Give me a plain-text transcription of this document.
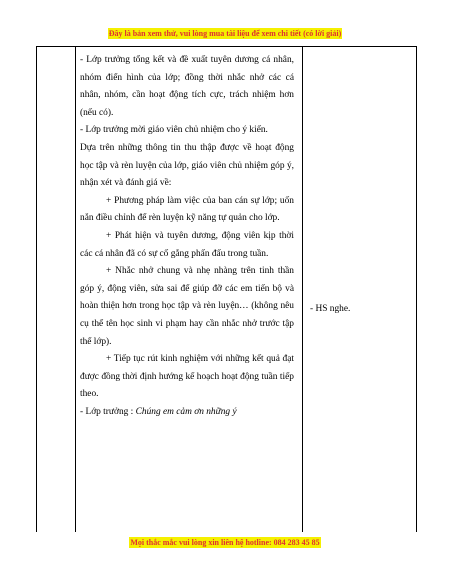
Đây là bản xem thử, vui lòng mua tài liệu để xem chi tiết (có lời giải)

- Lớp trưởng tổng kết và đề xuất tuyên dương cá nhân, nhóm điển hình của lớp; đồng thời nhắc nhở các cá nhân, nhóm, cần hoạt động tích cực, trách nhiệm hơn (nếu có).

- Lớp trưởng mời giáo viên chủ nhiệm cho ý kiến.

Dựa trên những thông tin thu thập được về hoạt động học tập và rèn luyện của lớp, giáo viên chủ nhiệm góp ý, nhận xét và đánh giá về:

+ Phương pháp làm việc của ban cán sự lớp; uốn nắn điều chỉnh để rèn luyện kỹ năng tự quản cho lớp.

+ Phát hiện và tuyên dương, động viên kịp thời các cá nhân đã có sự cố gắng phấn đấu trong tuần.

+ Nhắc nhở chung và nhẹ nhàng trên tinh thần góp ý, động viên, sửa sai để giúp đỡ các em tiến bộ và hoàn thiện hơn trong học tập và rèn luyện… (không nêu cụ thể tên học sinh vi phạm hay cần nhắc nhở trước tập thể lớp).

+ Tiếp tục rút kinh nghiệm với những kết quả đạt được đồng thời định hướng kế hoạch hoạt động tuần tiếp theo.

- Lớp trưởng : Chúng em cảm ơn những ý

- HS nghe.
Mọi thắc mắc vui lòng xin liên hệ hotline: 084 283 45 85
